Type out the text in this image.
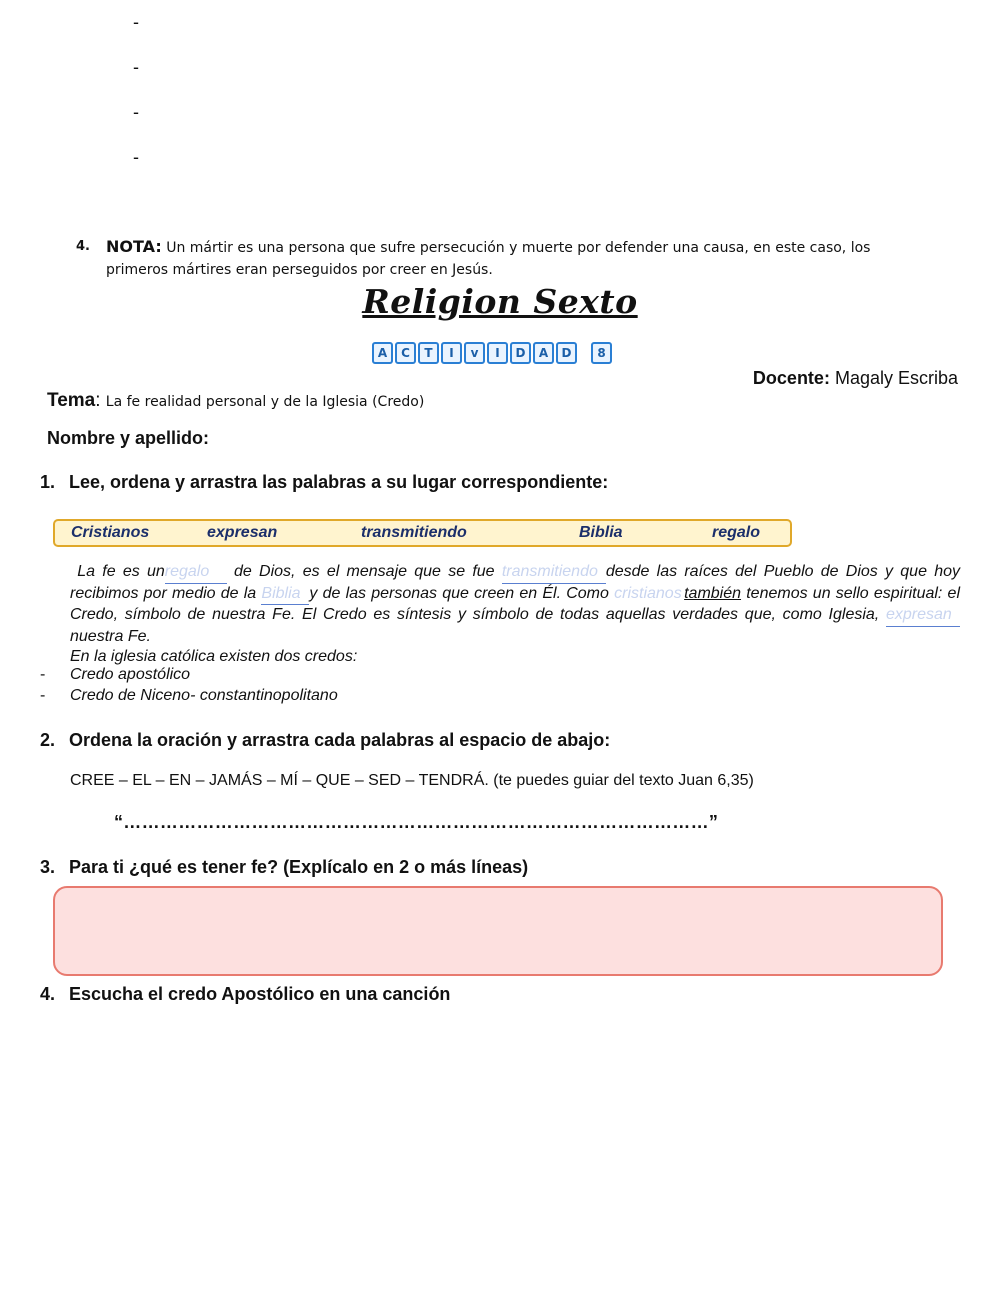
-
-
-
-
4. NOTA: Un mártir es una persona que sufre persecución y muerte por defender una causa, en este caso, los primeros mártires eran perseguidos por creer en Jesús.
Religion Sexto
A	C	T	I	v	I	D	A	D	8
Docente: Magaly Escriba
Tema: La fe realidad personal y de la Iglesia (Credo)
Nombre y apellido:
1. Lee, ordena y arrastra las palabras a su lugar correspondiente:
Cristianos	expresan	transmitiendo	Biblia	regalo
La fe es unregalo de Dios, es el mensaje que se fue transmitiendo desde las raíces del Pueblo de Dios y que hoy recibimos por medio de la Biblia y de las personas que creen en Él. Como cristianos también tenemos un sello espiritual: el Credo, símbolo de nuestra Fe. El Credo es síntesis y símbolo de todas aquellas verdades que, como Iglesia, expresannuestra Fe.
En la iglesia católica existen dos credos:
- Credo apostólico
- Credo de Niceno- constantinopolitano
2. Ordena la oración y arrastra cada palabras al espacio de abajo:
CREE – EL – EN – JAMÁS – MÍ – QUE – SED – TENDRÁ. (te puedes guiar del texto Juan 6,35)
“……………………………………………………………………………………”
3. Para ti ¿qué es tener fe? (Explícalo en 2 o más líneas)
4. Escucha el credo Apostólico en una canción
